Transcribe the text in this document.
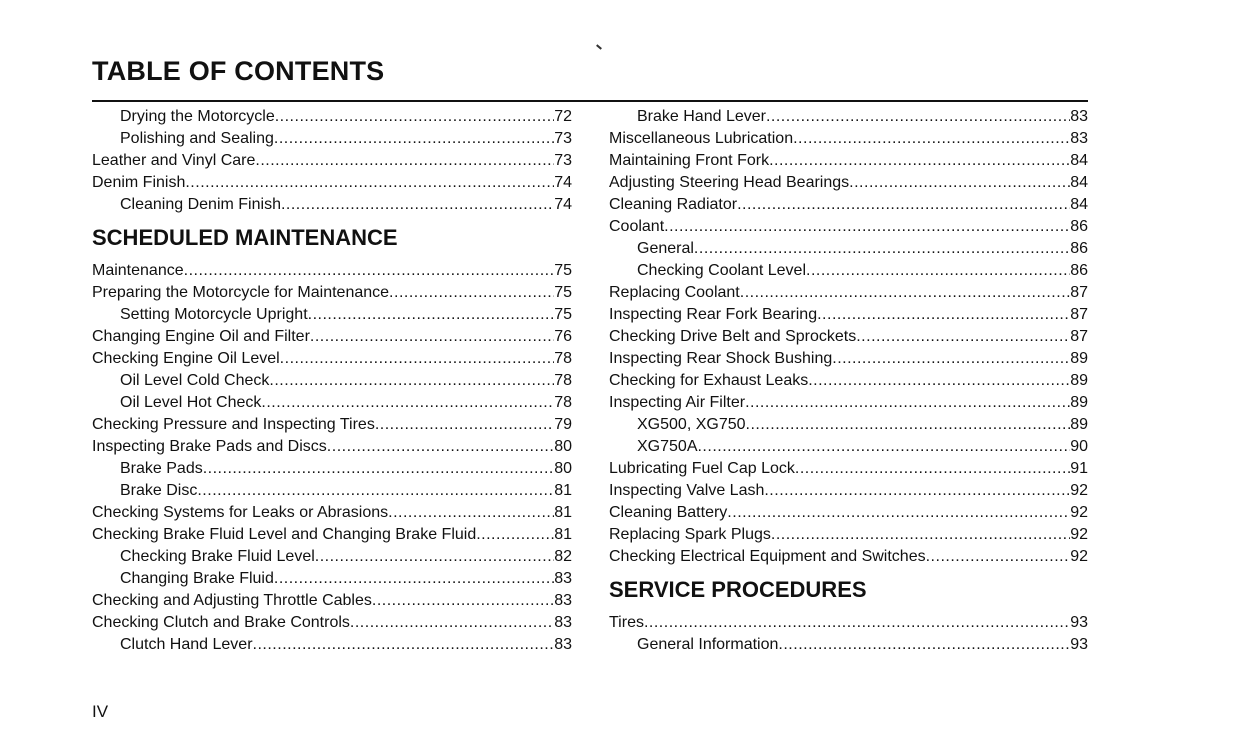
TABLE OF CONTENTS
Drying the Motorcycle .....	72
Polishing and Sealing .....	73
Leather and Vinyl Care .....	73
Denim Finish .....	74
Cleaning Denim Finish .....	74
SCHEDULED MAINTENANCE
Maintenance .....	75
Preparing the Motorcycle for Maintenance .....	75
Setting Motorcycle Upright .....	75
Changing Engine Oil and Filter .....	76
Checking Engine Oil Level .....	78
Oil Level Cold Check .....	78
Oil Level Hot Check .....	78
Checking Pressure and Inspecting Tires .....	79
Inspecting Brake Pads and Discs .....	80
Brake Pads .....	80
Brake Disc .....	81
Checking Systems for Leaks or Abrasions .....	81
Checking Brake Fluid Level and Changing Brake Fluid .....	81
Checking Brake Fluid Level .....	82
Changing Brake Fluid .....	83
Checking and Adjusting Throttle Cables .....	83
Checking Clutch and Brake Controls .....	83
Clutch Hand Lever .....	83
Brake Hand Lever .....	83
Miscellaneous Lubrication .....	83
Maintaining Front Fork .....	84
Adjusting Steering Head Bearings .....	84
Cleaning Radiator .....	84
Coolant .....	86
General .....	86
Checking Coolant Level .....	86
Replacing Coolant .....	87
Inspecting Rear Fork Bearing .....	87
Checking Drive Belt and Sprockets .....	87
Inspecting Rear Shock Bushing .....	89
Checking for Exhaust Leaks .....	89
Inspecting Air Filter .....	89
XG500, XG750 .....	89
XG750A .....	90
Lubricating Fuel Cap Lock .....	91
Inspecting Valve Lash .....	92
Cleaning Battery .....	92
Replacing Spark Plugs .....	92
Checking Electrical Equipment and Switches .....	92
SERVICE PROCEDURES
Tires .....	93
General Information .....	93
IV
